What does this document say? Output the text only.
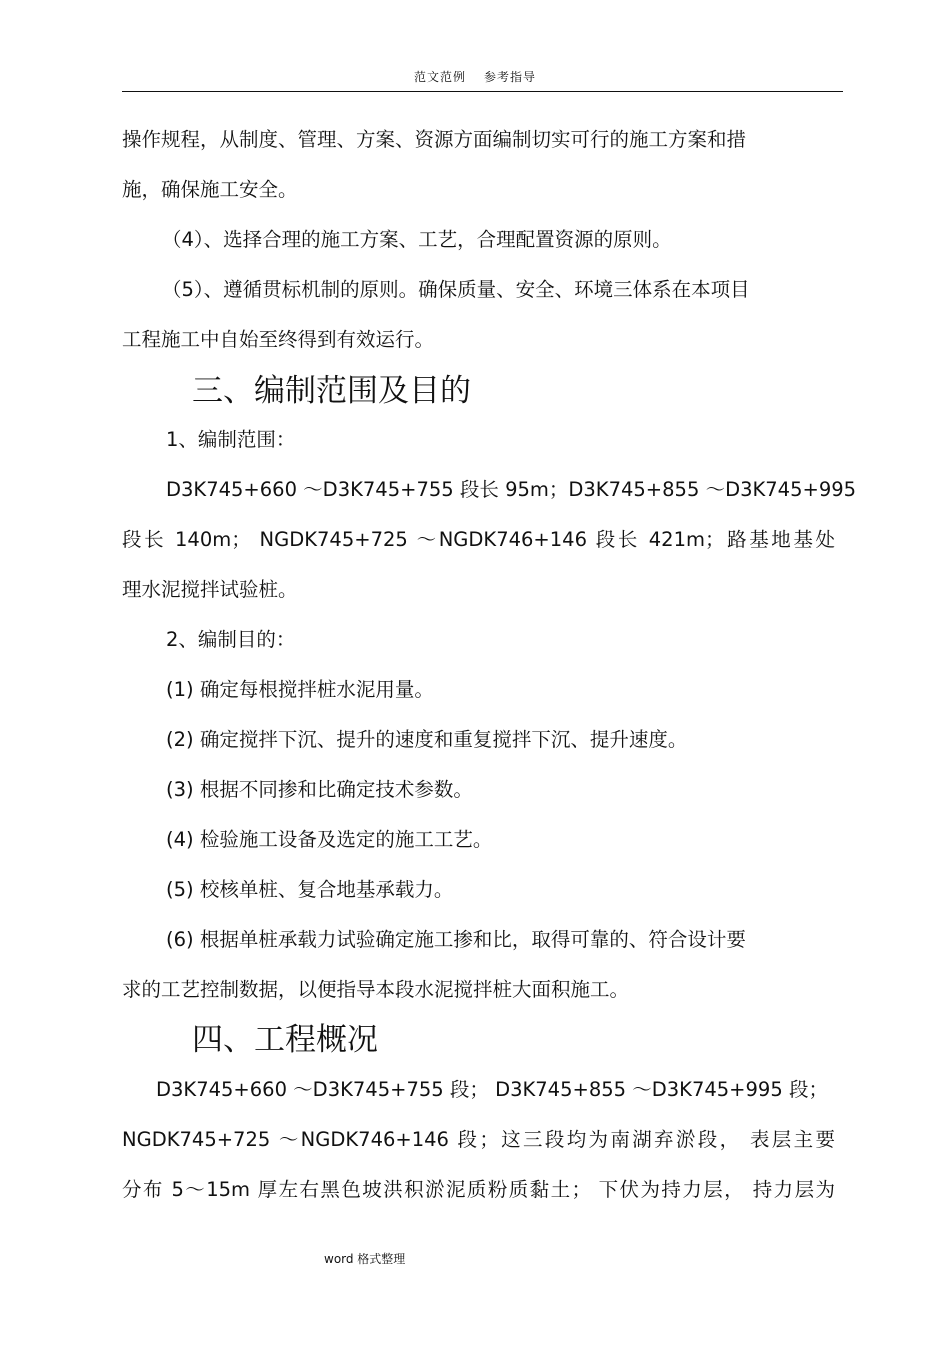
范文范例 参考指导
操作规程，从制度、管理、方案、资源方面编制切实可行的施工方案和措
施，确保施工安全。
（4）、选择合理的施工方案、工艺，合理配置资源的原则。
（5）、遵循贯标机制的原则。确保质量、安全、环境三体系在本项目
工程施工中自始至终得到有效运行。
三、编制范围及目的
1、编制范围：
D3K745+660 ～D3K745+755 段长 95m；D3K745+855 ～D3K745+995
段长 140m； NGDK745+725 ～NGDK746+146 段长 421m；路基地基处
理水泥搅拌试验桩。
2、编制目的：
(1) 确定每根搅拌桩水泥用量。
(2) 确定搅拌下沉、提升的速度和重复搅拌下沉、提升速度。
(3) 根据不同掺和比确定技术参数。
(4) 检验施工设备及选定的施工工艺。
(5) 校核单桩、复合地基承载力。
(6) 根据单桩承载力试验确定施工掺和比，取得可靠的、符合设计要
求的工艺控制数据，以便指导本段水泥搅拌桩大面积施工。
四、工程概况
D3K745+660 ～D3K745+755 段； D3K745+855 ～D3K745+995 段；
NGDK745+725 ～NGDK746+146 段；这三段均为南湖弃淤段， 表层主要
分布 5～15m 厚左右黑色坡洪积淤泥质粉质黏土； 下伏为持力层， 持力层为
word 格式整理
